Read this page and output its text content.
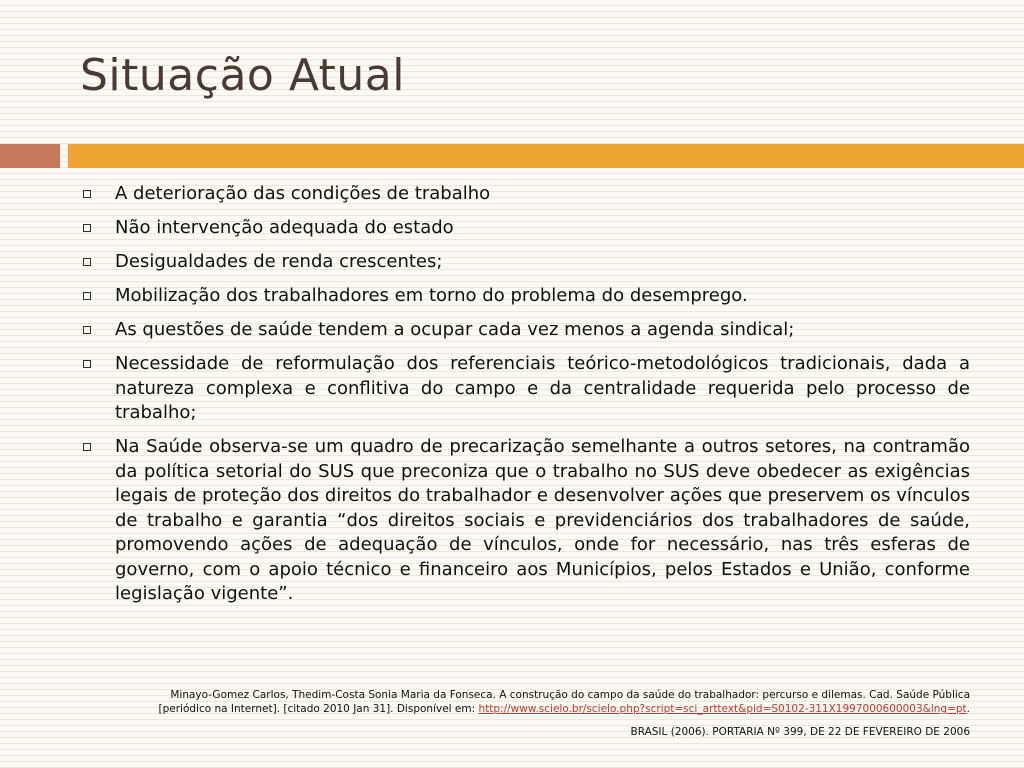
Situação Atual
A deterioração das condições de trabalho
Não intervenção adequada do estado
Desigualdades de renda crescentes;
Mobilização dos trabalhadores em torno do problema do desemprego.
As questões de saúde tendem a ocupar cada vez menos a agenda sindical;
Necessidade de reformulação dos referenciais teórico-metodológicos tradicionais, dada a natureza complexa e conflitiva do campo e da centralidade requerida pelo processo de trabalho;
Na Saúde observa-se um quadro de precarização semelhante a outros setores, na contramão da política setorial do SUS que preconiza que o trabalho no SUS deve obedecer as exigências legais de proteção dos direitos do trabalhador e desenvolver ações que preservem os vínculos de trabalho e garantia “dos direitos sociais e previdenciários dos trabalhadores de saúde, promovendo ações de adequação de vínculos, onde for necessário, nas três esferas de governo, com o apoio técnico e financeiro aos Municípios, pelos Estados e União, conforme legislação vigente”.

Minayo-Gomez Carlos, Thedim-Costa Sonia Maria da Fonseca. A construção do campo da saúde do trabalhador: percurso e dilemas. Cad. Saúde Pública [periódico na Internet]. [citado 2010 Jan 31]. Disponível em: http://www.scielo.br/scielo.php?script=sci_arttext&pid=S0102-311X1997000600003&lng=pt.

BRASIL (2006). PORTARIA Nº 399, DE 22 DE FEVEREIRO DE 2006
